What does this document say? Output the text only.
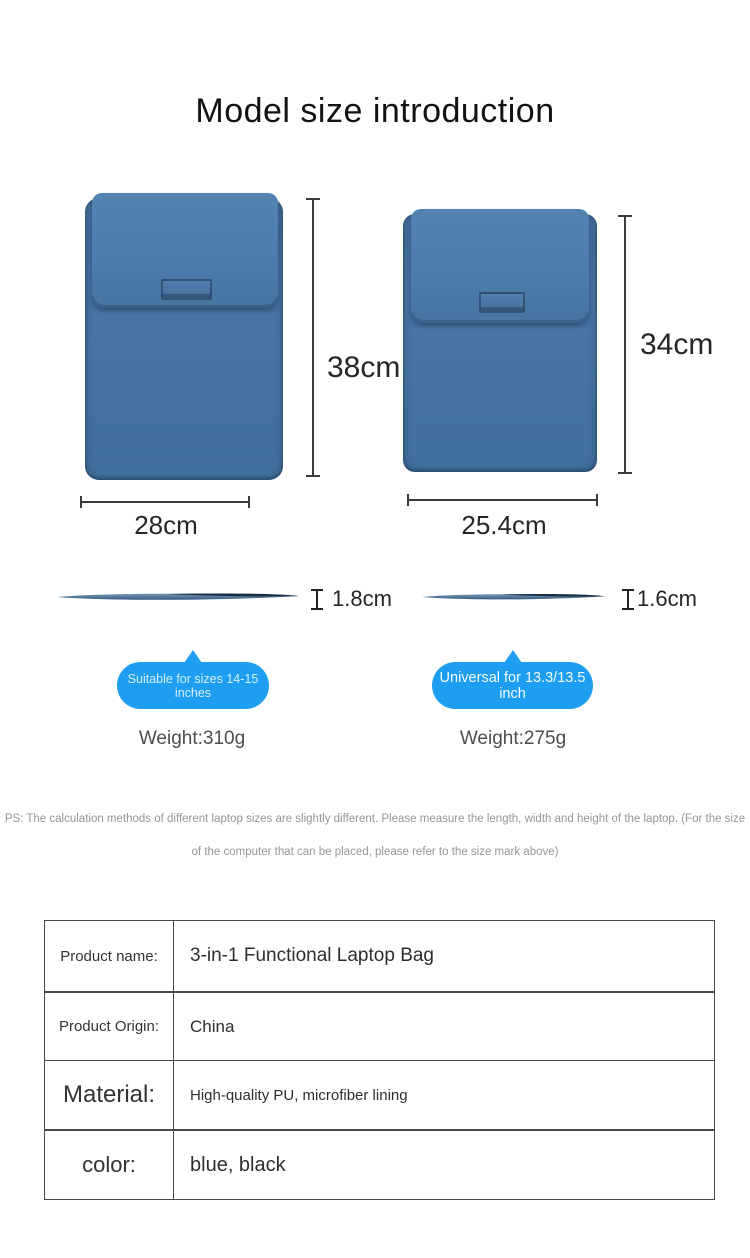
Model size introduction
38cm
28cm
1.8cm
Suitable for sizes 14-15 inches
Weight:310g
34cm
25.4cm
1.6cm
Universal for 13.3/13.5 inch
Weight:275g
PS: The calculation methods of different laptop sizes are slightly different. Please measure the length, width and height of the laptop. (For the size
of the computer that can be placed, please refer to the size mark above)
Product name:	3-in-1 Functional Laptop Bag
Product Origin:	China
Material:	High-quality PU, microfiber lining
color:	blue, black
